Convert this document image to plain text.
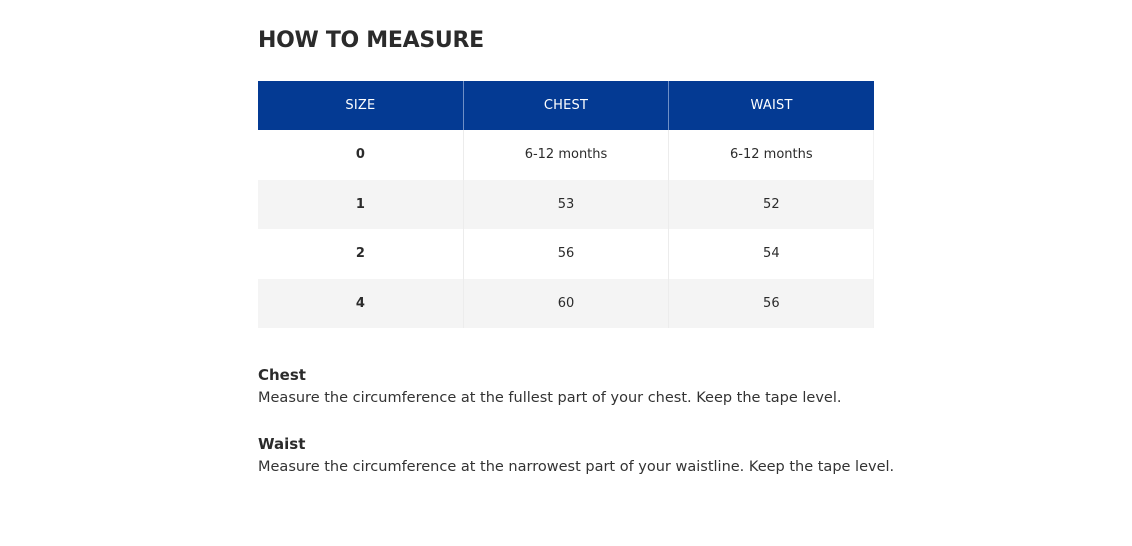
HOW TO MEASURE
SIZE	CHEST	WAIST
0	6-12 months	6-12 months
1	53	52
2	56	54
4	60	56
Chest
Measure the circumference at the fullest part of your chest. Keep the tape level.
Waist
Measure the circumference at the narrowest part of your waistline. Keep the tape level.
